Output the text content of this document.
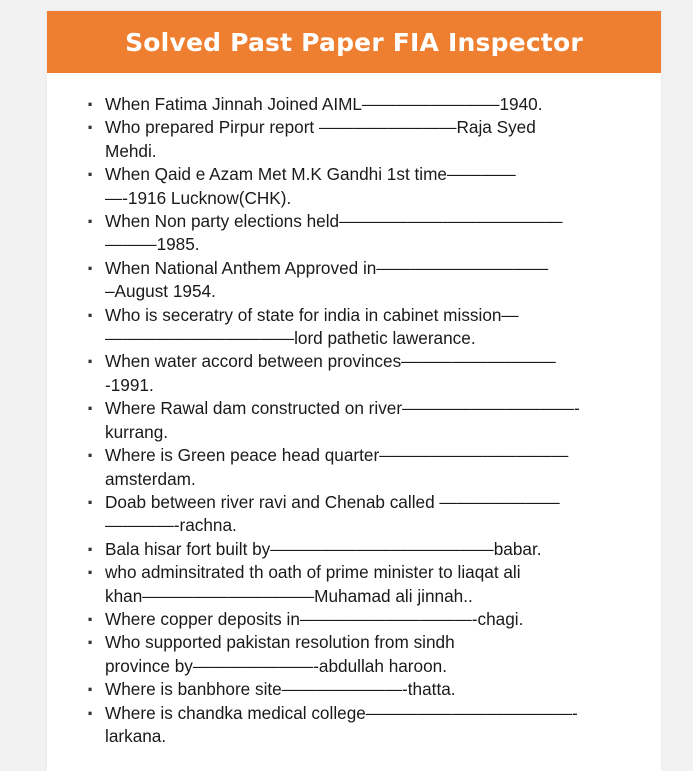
Solved Past Paper FIA Inspector
· When Fatima Jinnah Joined AIML————————1940.
· Who prepared Pirpur report ————————Raja Syed
Mehdi.
· When Qaid e Azam Met M.K Gandhi 1st time————
—-1916 Lucknow(CHK).
· When Non party elections held—————————————
———1985.
· When National Anthem Approved in——————————
–August 1954.
· Who is seceratry of state for india in cabinet mission—
———————————lord pathetic lawerance.
· When water accord between provinces—————————
-1991.
· Where Rawal dam constructed on river——————————-
kurrang.
· Where is Green peace head quarter———————————
amsterdam.
· Doab between river ravi and Chenab called ———————
————-rachna.
· Bala hisar fort built by—————————————babar.
· who adminsitrated th oath of prime minister to liaqat ali
khan——————————Muhamad ali jinnah..
· Where copper deposits in——————————-chagi.
· Who supported pakistan resolution from sindh
province by———————-abdullah haroon.
· Where is banbhore site———————-thatta.
· Where is chandka medical college————————————-
larkana.
